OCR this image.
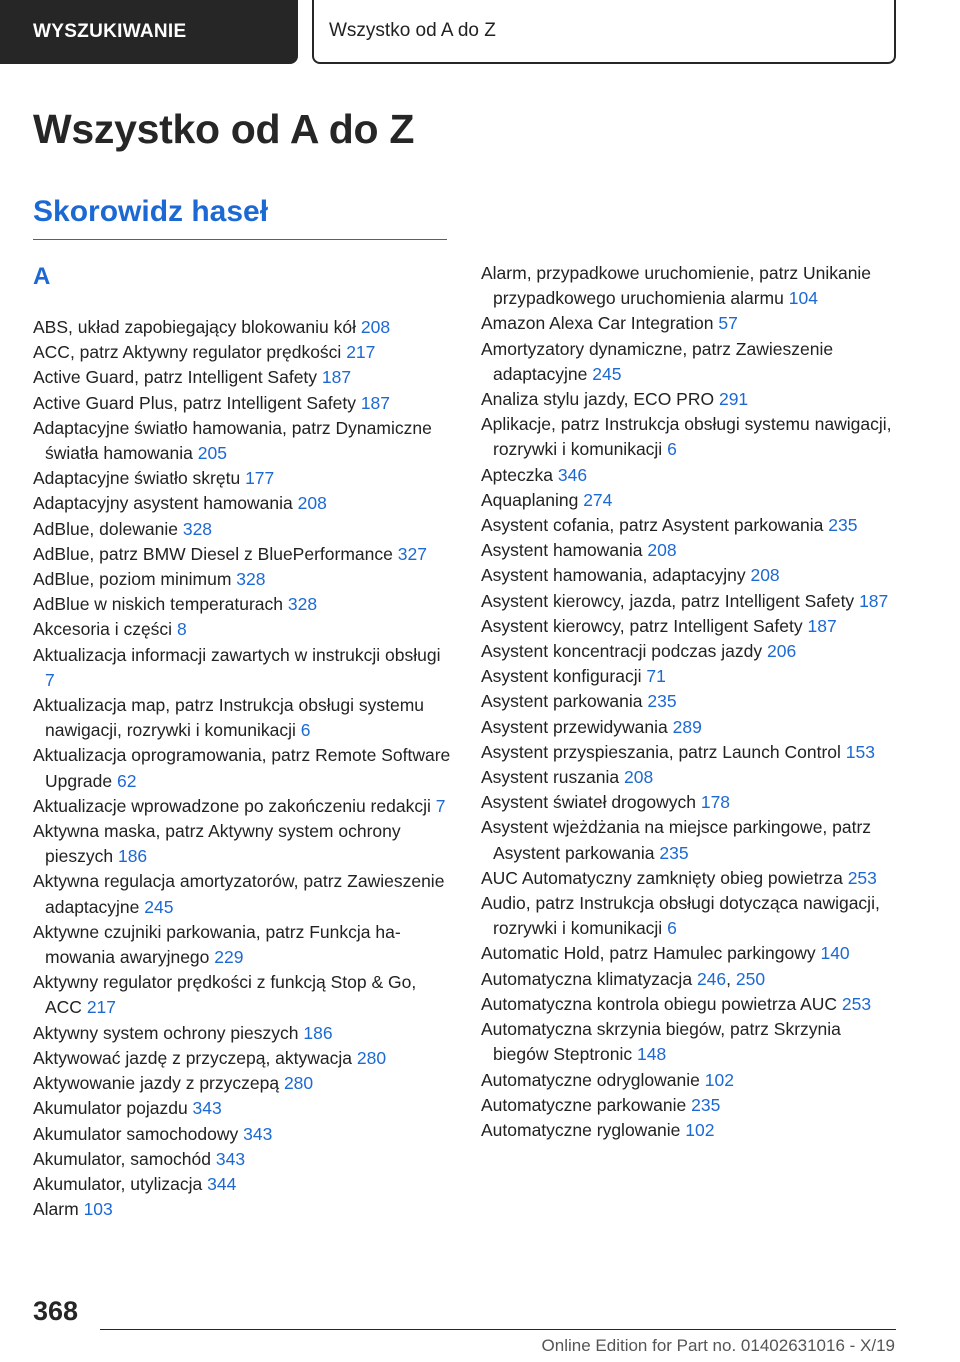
WYSZUKIWANIE	Wszystko od A do Z
Wszystko od A do Z
Skorowidz haseł
A
ABS, układ zapobiegający blokowaniu kół 208
ACC, patrz Aktywny regulator prędkości 217
Active Guard, patrz Intelligent Safety 187
Active Guard Plus, patrz Intelligent Safety 187
Adaptacyjne światło hamowania, patrz Dynamiczne światła hamowania 205
Adaptacyjne światło skrętu 177
Adaptacyjny asystent hamowania 208
AdBlue, dolewanie 328
AdBlue, patrz BMW Diesel z BluePerformance 327
AdBlue, poziom minimum 328
AdBlue w niskich temperaturach 328
Akcesoria i części 8
Aktualizacja informacji zawartych w instrukcji obsługi 7
Aktualizacja map, patrz Instrukcja obsługi systemu nawigacji, rozrywki i komunikacji 6
Aktualizacja oprogramowania, patrz Remote Software Upgrade 62
Aktualizacje wprowadzone po zakończeniu redakcji 7
Aktywna maska, patrz Aktywny system ochrony pieszych 186
Aktywna regulacja amortyzatorów, patrz Zawieszenie adaptacyjne 245
Aktywne czujniki parkowania, patrz Funkcja hamowania awaryjnego 229
Aktywny regulator prędkości z funkcją Stop & Go, ACC 217
Aktywny system ochrony pieszych 186
Aktywować jazdę z przyczepą, aktywacja 280
Aktywowanie jazdy z przyczepą 280
Akumulator pojazdu 343
Akumulator samochodowy 343
Akumulator, samochód 343
Akumulator, utylizacja 344
Alarm 103
Alarm, przypadkowe uruchomienie, patrz Unikanie przypadkowego uruchomienia alarmu 104
Amazon Alexa Car Integration 57
Amortyzatory dynamiczne, patrz Zawieszenie adaptacyjne 245
Analiza stylu jazdy, ECO PRO 291
Aplikacje, patrz Instrukcja obsługi systemu nawigacji, rozrywki i komunikacji 6
Apteczka 346
Aquaplaning 274
Asystent cofania, patrz Asystent parkowania 235
Asystent hamowania 208
Asystent hamowania, adaptacyjny 208
Asystent kierowcy, jazda, patrz Intelligent Safety 187
Asystent kierowcy, patrz Intelligent Safety 187
Asystent koncentracji podczas jazdy 206
Asystent konfiguracji 71
Asystent parkowania 235
Asystent przewidywania 289
Asystent przyspieszania, patrz Launch Control 153
Asystent ruszania 208
Asystent świateł drogowych 178
Asystent wjeżdżania na miejsce parkingowe, patrz Asystent parkowania 235
AUC Automatyczny zamknięty obieg powietrza 253
Audio, patrz Instrukcja obsługi dotycząca nawigacji, rozrywki i komunikacji 6
Automatic Hold, patrz Hamulec parkingowy 140
Automatyczna klimatyzacja 246, 250
Automatyczna kontrola obiegu powietrza AUC 253
Automatyczna skrzynia biegów, patrz Skrzynia biegów Steptronic 148
Automatyczne odryglowanie 102
Automatyczne parkowanie 235
Automatyczne ryglowanie 102
368
Online Edition for Part no. 01402631016 - X/19
